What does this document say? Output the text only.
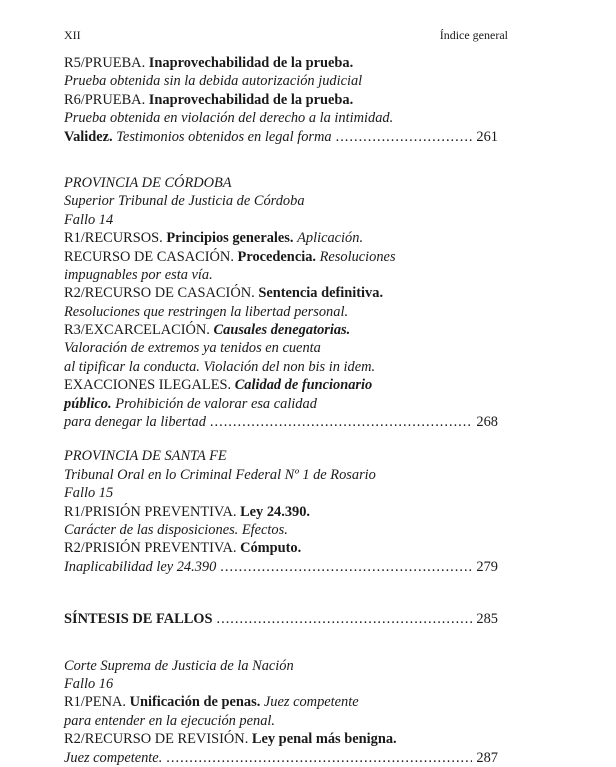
XII	Índice general
R5/PRUEBA. Inaprovechabilidad de la prueba.
Prueba obtenida sin la debida autorización judicial
R6/PRUEBA. Inaprovechabilidad de la prueba.
Prueba obtenida en violación del derecho a la intimidad.
Validez. Testimonios obtenidos en legal forma .....	261
PROVINCIA DE CÓRDOBA
Superior Tribunal de Justicia de Córdoba
Fallo 14
R1/RECURSOS. Principios generales. Aplicación.
RECURSO DE CASACIÓN. Procedencia. Resoluciones
impugnables por esta vía.
R2/RECURSO DE CASACIÓN. Sentencia definitiva.
Resoluciones que restringen la libertad personal.
R3/EXCARCELACIÓN. Causales denegatorias.
Valoración de extremos ya tenidos en cuenta
al tipificar la conducta. Violación del non bis in idem.
EXACCIONES ILEGALES. Calidad de funcionario
público. Prohibición de valorar esa calidad
para denegar la libertad .....	268
PROVINCIA DE SANTA FE
Tribunal Oral en lo Criminal Federal Nº 1 de Rosario
Fallo 15
R1/PRISIÓN PREVENTIVA. Ley 24.390.
Carácter de las disposiciones. Efectos.
R2/PRISIÓN PREVENTIVA. Cómputo.
Inaplicabilidad ley 24.390 .....	279
SÍNTESIS DE FALLOS .....	285
Corte Suprema de Justicia de la Nación
Fallo 16
R1/PENA. Unificación de penas. Juez competente
para entender en la ejecución penal.
R2/RECURSO DE REVISIÓN. Ley penal más benigna.
Juez competente. .....	287
